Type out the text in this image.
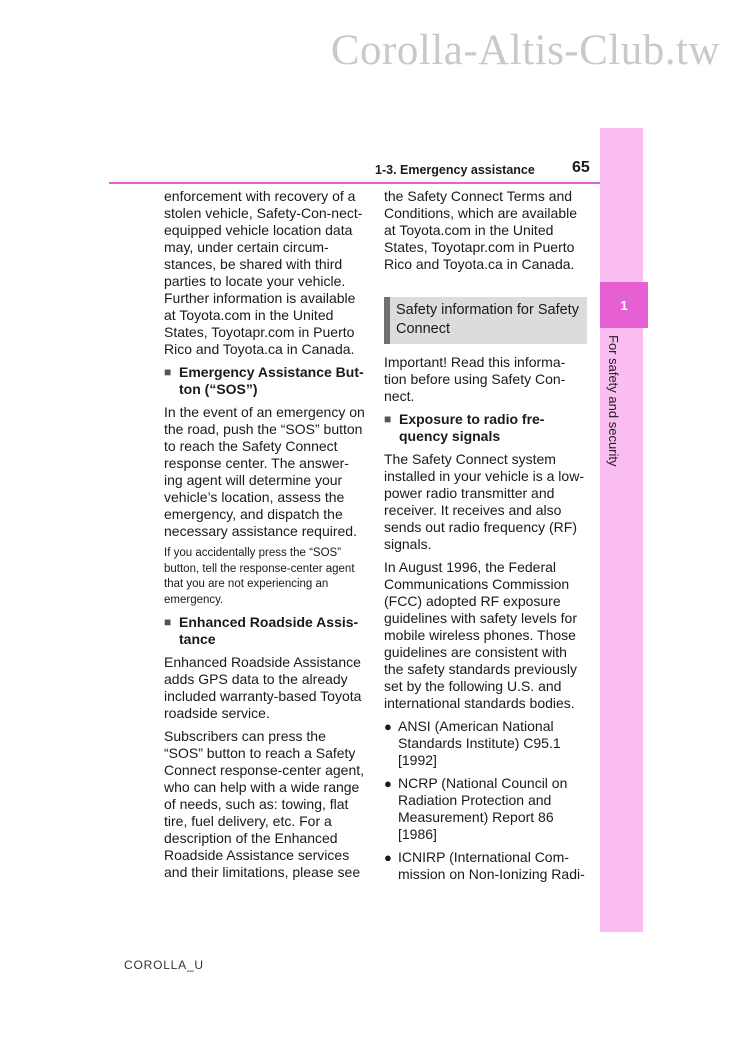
Corolla-Altis-Club.tw
1
For safety and security
1-3. Emergency assistance 65

enforcement with recovery of a stolen vehicle, Safety-Con-nect-equipped vehicle location data may, under certain circum-stances, be shared with third parties to locate your vehicle. Further information is available at Toyota.com in the United States, Toyotapr.com in Puerto Rico and Toyota.ca in Canada.

■ Emergency Assistance But-ton (“SOS”)

In the event of an emergency on the road, push the “SOS” button to reach the Safety Connect response center. The answer-ing agent will determine your vehicle’s location, assess the emergency, and dispatch the necessary assistance required.

If you accidentally press the “SOS” button, tell the response-center agent that you are not experiencing an emergency.

■ Enhanced Roadside Assis-tance

Enhanced Roadside Assistance adds GPS data to the already included warranty-based Toyota roadside service.

Subscribers can press the “SOS” button to reach a Safety Connect response-center agent, who can help with a wide range of needs, such as: towing, flat tire, fuel delivery, etc. For a description of the Enhanced Roadside Assistance services and their limitations, please see

the Safety Connect Terms and Conditions, which are available at Toyota.com in the United States, Toyotapr.com in Puerto Rico and Toyota.ca in Canada.

Safety information for Safety Connect

Important! Read this informa-tion before using Safety Con-nect.

■ Exposure to radio fre-quency signals

The Safety Connect system installed in your vehicle is a low-power radio transmitter and receiver. It receives and also sends out radio frequency (RF) signals.

In August 1996, the Federal Communications Commission (FCC) adopted RF exposure guidelines with safety levels for mobile wireless phones. Those guidelines are consistent with the safety standards previously set by the following U.S. and international standards bodies.

● ANSI (American National Standards Institute) C95.1 [1992]
● NCRP (National Council on Radiation Protection and Measurement) Report 86 [1986]
● ICNIRP (International Com-mission on Non-Ionizing Radi-
COROLLA_U
